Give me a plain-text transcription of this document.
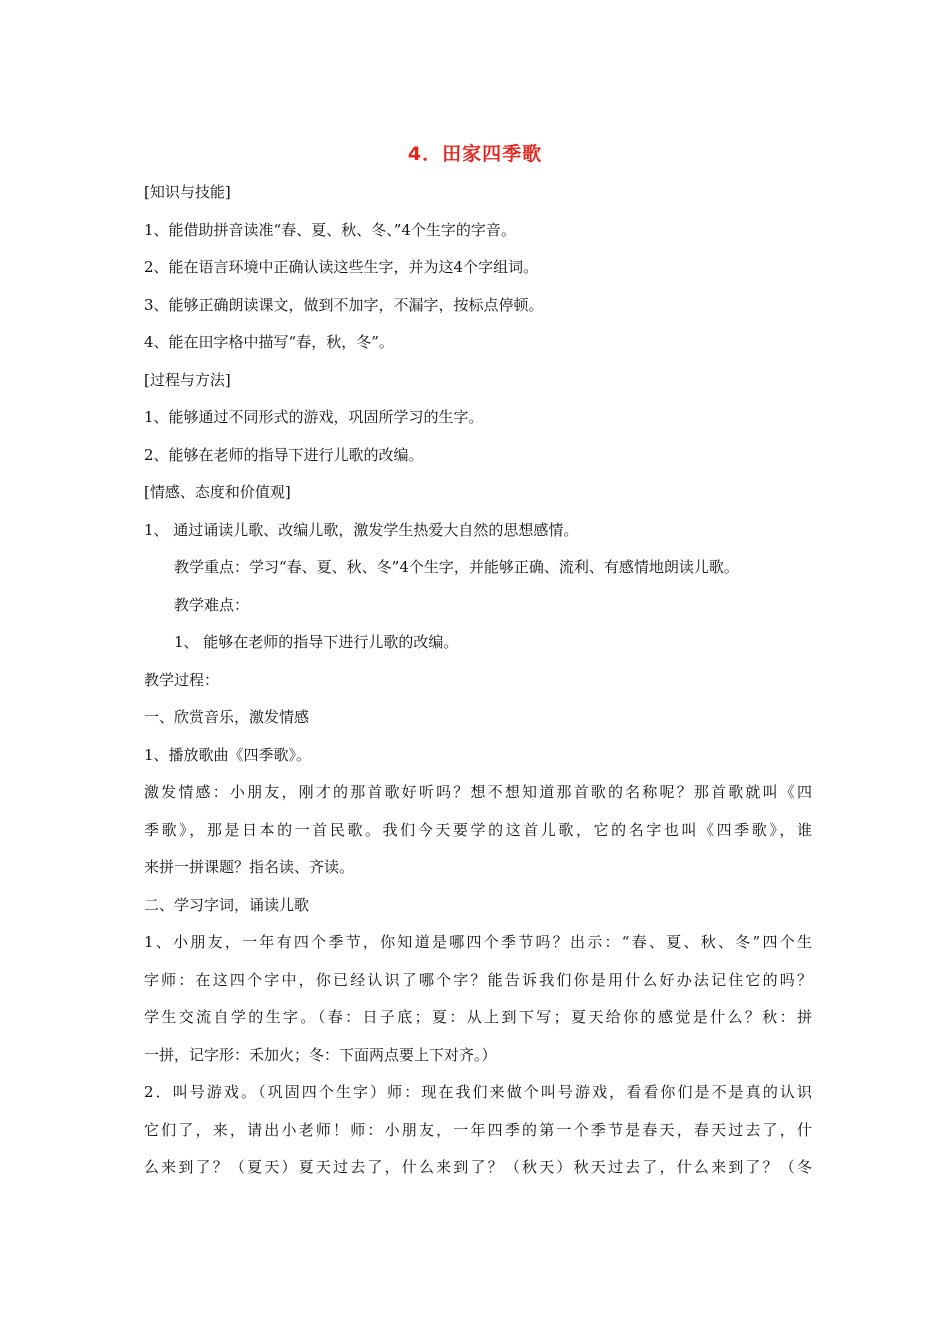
4．田家四季歌
[知识与技能]
1、能借助拼音读准“春、夏、秋、冬、”4个生字的字音。
2、能在语言环境中正确认读这些生字，并为这4个字组词。
3、能够正确朗读课文，做到不加字，不漏字，按标点停顿。
4、能在田字格中描写“春，秋，冬”。
[过程与方法]
1、能够通过不同形式的游戏，巩固所学习的生字。
2、能够在老师的指导下进行儿歌的改编。
[情感、态度和价值观]
1、 通过诵读儿歌、改编儿歌，激发学生热爱大自然的思想感情。
教学重点：学习“春、夏、秋、冬”4个生字，并能够正确、流利、有感情地朗读儿歌。
教学难点：
1、 能够在老师的指导下进行儿歌的改编。
教学过程：
一、欣赏音乐，激发情感
1、播放歌曲《四季歌》。
激发情感：小朋友，刚才的那首歌好听吗？想不想知道那首歌的名称呢？那首歌就叫《四
季歌》，那是日本的一首民歌。我们今天要学的这首儿歌，它的名字也叫《四季歌》，谁
来拼一拼课题？指名读、齐读。
二、学习字词，诵读儿歌
1、小朋友，一年有四个季节，你知道是哪四个季节吗？出示：“春、夏、秋、冬”四个生
字师：在这四个字中，你已经认识了哪个字？能告诉我们你是用什么好办法记住它的吗？
学生交流自学的生字。（春：日子底；夏：从上到下写；夏天给你的感觉是什么？秋：拼
一拼，记字形：禾加火；冬：下面两点要上下对齐。）
2．叫号游戏。（巩固四个生字）师：现在我们来做个叫号游戏，看看你们是不是真的认识
它们了，来，请出小老师！师：小朋友，一年四季的第一个季节是春天，春天过去了，什
么来到了？（夏天）夏天过去了，什么来到了？（秋天）秋天过去了，什么来到了？（冬
